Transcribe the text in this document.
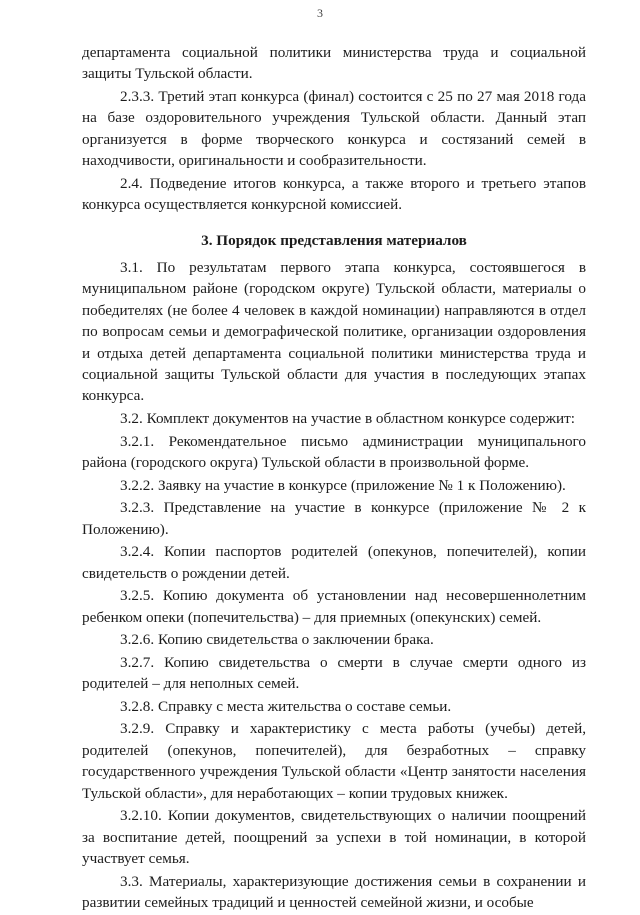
3

департамента социальной политики министерства труда и социальной защиты Тульской области.

2.3.3. Третий этап конкурса (финал) состоится с 25 по 27 мая 2018 года на базе оздоровительного учреждения Тульской области. Данный этап организуется в форме творческого конкурса и состязаний семей в находчивости, оригинальности и сообразительности.

2.4. Подведение итогов конкурса, а также второго и третьего этапов конкурса осуществляется конкурсной комиссией.

3. Порядок представления материалов

3.1. По результатам первого этапа конкурса, состоявшегося в муниципальном районе (городском округе) Тульской области, материалы о победителях (не более 4 человек в каждой номинации) направляются в отдел по вопросам семьи и демографической политике, организации оздоровления и отдыха детей департамента социальной политики министерства труда и социальной защиты Тульской области для участия в последующих этапах конкурса.

3.2. Комплект документов на участие в областном конкурсе содержит:

3.2.1. Рекомендательное письмо администрации муниципального района (городского округа) Тульской области в произвольной форме.

3.2.2. Заявку на участие в конкурсе (приложение № 1 к Положению).

3.2.3. Представление на участие в конкурсе (приложение № 2 к Положению).

3.2.4. Копии паспортов родителей (опекунов, попечителей), копии свидетельств о рождении детей.

3.2.5. Копию документа об установлении над несовершеннолетним ребенком опеки (попечительства) – для приемных (опекунских) семей.

3.2.6. Копию свидетельства о заключении брака.

3.2.7. Копию свидетельства о смерти в случае смерти одного из родителей – для неполных семей.

3.2.8. Справку с места жительства о составе семьи.

3.2.9. Справку и характеристику с места работы (учебы) детей, родителей (опекунов, попечителей), для безработных – справку государственного учреждения Тульской области «Центр занятости населения Тульской области», для неработающих – копии трудовых книжек.

3.2.10. Копии документов, свидетельствующих о наличии поощрений за воспитание детей, поощрений за успехи в той номинации, в которой участвует семья.

3.3. Материалы, характеризующие достижения семьи в сохранении и развитии семейных традиций и ценностей семейной жизни, и особые
